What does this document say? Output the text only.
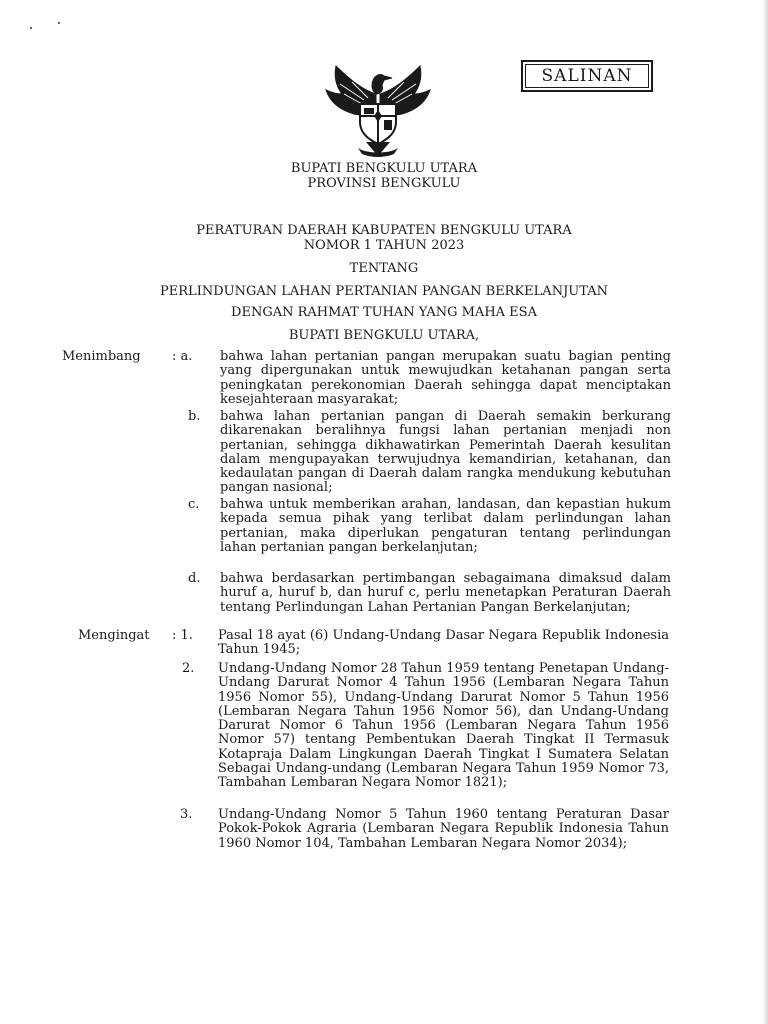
SALINAN
BUPATI BENGKULU UTARA
PROVINSI BENGKULU
PERATURAN DAERAH KABUPATEN BENGKULU UTARA
NOMOR 1 TAHUN 2023
TENTANG
PERLINDUNGAN LAHAN PERTANIAN PANGAN BERKELANJUTAN
DENGAN RAHMAT TUHAN YANG MAHA ESA
BUPATI BENGKULU UTARA,
Menimbang : a. bahwa lahan pertanian pangan merupakan suatu bagian penting yang dipergunakan untuk mewujudkan ketahanan pangan serta peningkatan perekonomian Daerah sehingga dapat menciptakan kesejahteraan masyarakat;
b. bahwa lahan pertanian pangan di Daerah semakin berkurang dikarenakan beralihnya fungsi lahan pertanian menjadi non pertanian, sehingga dikhawatirkan Pemerintah Daerah kesulitan dalam mengupayakan terwujudnya kemandirian, ketahanan, dan kedaulatan pangan di Daerah dalam rangka mendukung kebutuhan pangan nasional;
c. bahwa untuk memberikan arahan, landasan, dan kepastian hukum kepada semua pihak yang terlibat dalam perlindungan lahan pertanian, maka diperlukan pengaturan tentang perlindungan lahan pertanian pangan berkelanjutan;
d. bahwa berdasarkan pertimbangan sebagaimana dimaksud dalam huruf a, huruf b, dan huruf c, perlu menetapkan Peraturan Daerah tentang Perlindungan Lahan Pertanian Pangan Berkelanjutan;
Mengingat : 1. Pasal 18 ayat (6) Undang-Undang Dasar Negara Republik Indonesia Tahun 1945;
2. Undang-Undang Nomor 28 Tahun 1959 tentang Penetapan Undang-Undang Darurat Nomor 4 Tahun 1956 (Lembaran Negara Tahun 1956 Nomor 55), Undang-Undang Darurat Nomor 5 Tahun 1956 (Lembaran Negara Tahun 1956 Nomor 56), dan Undang-Undang Darurat Nomor 6 Tahun 1956 (Lembaran Negara Tahun 1956 Nomor 57) tentang Pembentukan Daerah Tingkat II Termasuk Kotapraja Dalam Lingkungan Daerah Tingkat I Sumatera Selatan Sebagai Undang-undang (Lembaran Negara Tahun 1959 Nomor 73, Tambahan Lembaran Negara Nomor 1821);
3. Undang-Undang Nomor 5 Tahun 1960 tentang Peraturan Dasar Pokok-Pokok Agraria (Lembaran Negara Republik Indonesia Tahun 1960 Nomor 104, Tambahan Lembaran Negara Nomor 2034);
